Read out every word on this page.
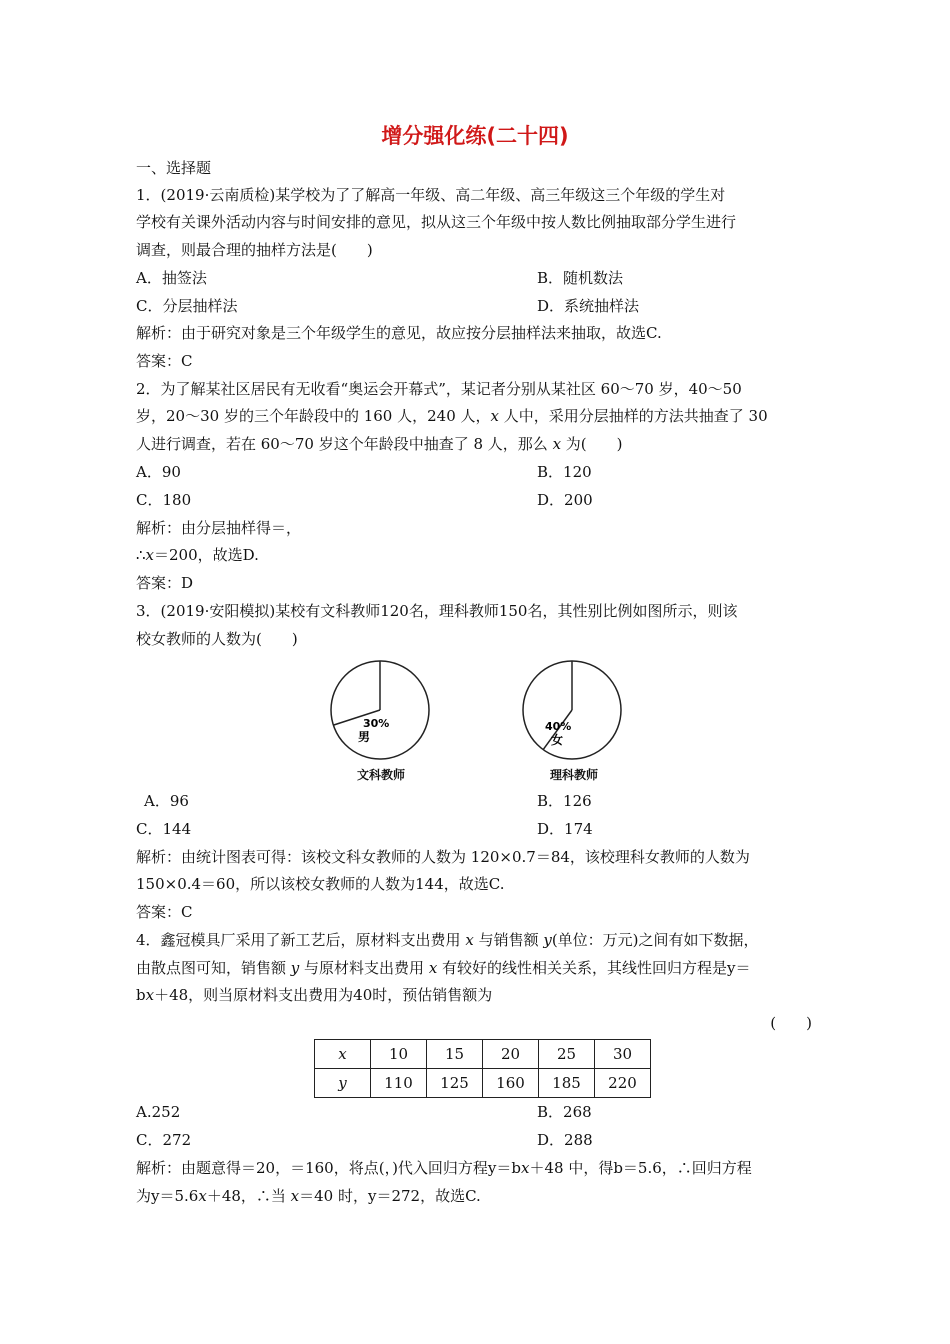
增分强化练(二十四)
一、选择题
1．(2019·云南质检)某学校为了了解高一年级、高二年级、高三年级这三个年级的学生对
学校有关课外活动内容与时间安排的意见，拟从这三个年级中按人数比例抽取部分学生进行
调查，则最合理的抽样方法是(　　)
A．抽签法	B．随机数法
C．分层抽样法	D．系统抽样法
解析：由于研究对象是三个年级学生的意见，故应按分层抽样法来抽取，故选C.
答案：C
2．为了解某社区居民有无收看“奥运会开幕式”，某记者分别从某社区 60～70 岁，40～50
岁，20～30 岁的三个年龄段中的 160 人，240 人，x 人中，采用分层抽样的方法共抽查了 30
人进行调查，若在 60～70 岁这个年龄段中抽查了 8 人，那么 x 为(　　)
A．90	B．120
C．180	D．200
解析：由分层抽样得＝，
∴x＝200，故选D.
答案：D
3．(2019·安阳模拟)某校有文科教师120名，理科教师150名，其性别比例如图所示，则该
校女教师的人数为(　　)
30%
男
文科教师
40%
女
理科教师
A．96	B．126
C．144	D．174
解析：由统计图表可得：该校文科女教师的人数为 120×0.7＝84，该校理科女教师的人数为
150×0.4＝60，所以该校女教师的人数为144，故选C.
答案：C
4．鑫冠模具厂采用了新工艺后，原材料支出费用 x 与销售额 y(单位：万元)之间有如下数据，
由散点图可知，销售额 y 与原材料支出费用 x 有较好的线性相关关系，其线性回归方程是y＝
bx＋48，则当原材料支出费用为40时，预估销售额为
(　　)
x	10	15	20	25	30
y	110	125	160	185	220
A.252	B．268
C．272	D．288
解析：由题意得＝20，＝160，将点(，)代入回归方程y＝bx＋48 中，得b＝5.6，∴回归方程
为y＝5.6x＋48，∴当 x＝40 时，y＝272，故选C.
